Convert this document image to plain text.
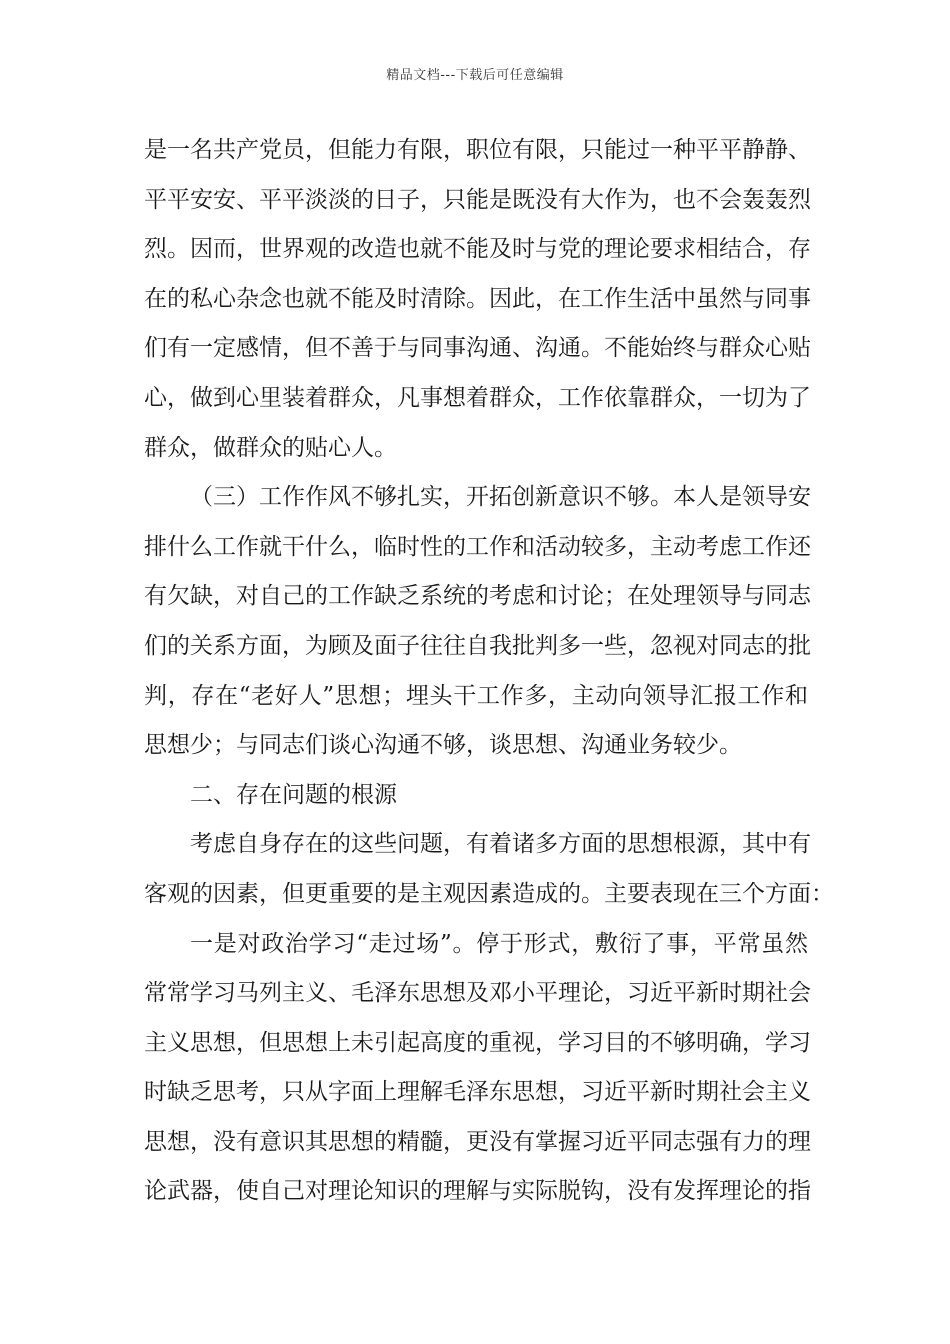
精品文档---下载后可任意编辑
是一名共产党员，但能力有限，职位有限，只能过一种平平静静、
平平安安、平平淡淡的日子，只能是既没有大作为，也不会轰轰烈
烈。因而，世界观的改造也就不能及时与党的理论要求相结合，存
在的私心杂念也就不能及时清除。因此，在工作生活中虽然与同事
们有一定感情，但不善于与同事沟通、沟通。不能始终与群众心贴
心，做到心里装着群众，凡事想着群众，工作依靠群众，一切为了
群众，做群众的贴心人。
（三）工作作风不够扎实，开拓创新意识不够。本人是领导安
排什么工作就干什么，临时性的工作和活动较多，主动考虑工作还
有欠缺，对自己的工作缺乏系统的考虑和讨论；在处理领导与同志
们的关系方面，为顾及面子往往自我批判多一些，忽视对同志的批
判，存在“老好人”思想；埋头干工作多，主动向领导汇报工作和
思想少；与同志们谈心沟通不够，谈思想、沟通业务较少。
二、存在问题的根源
考虑自身存在的这些问题，有着诸多方面的思想根源，其中有
客观的因素，但更重要的是主观因素造成的。主要表现在三个方面：
一是对政治学习“走过场”。停于形式，敷衍了事，平常虽然
常常学习马列主义、毛泽东思想及邓小平理论，习近平新时期社会
主义思想，但思想上未引起高度的重视，学习目的不够明确，学习
时缺乏思考，只从字面上理解毛泽东思想，习近平新时期社会主义
思想，没有意识其思想的精髓，更没有掌握习近平同志强有力的理
论武器，使自己对理论知识的理解与实际脱钩，没有发挥理论的指
